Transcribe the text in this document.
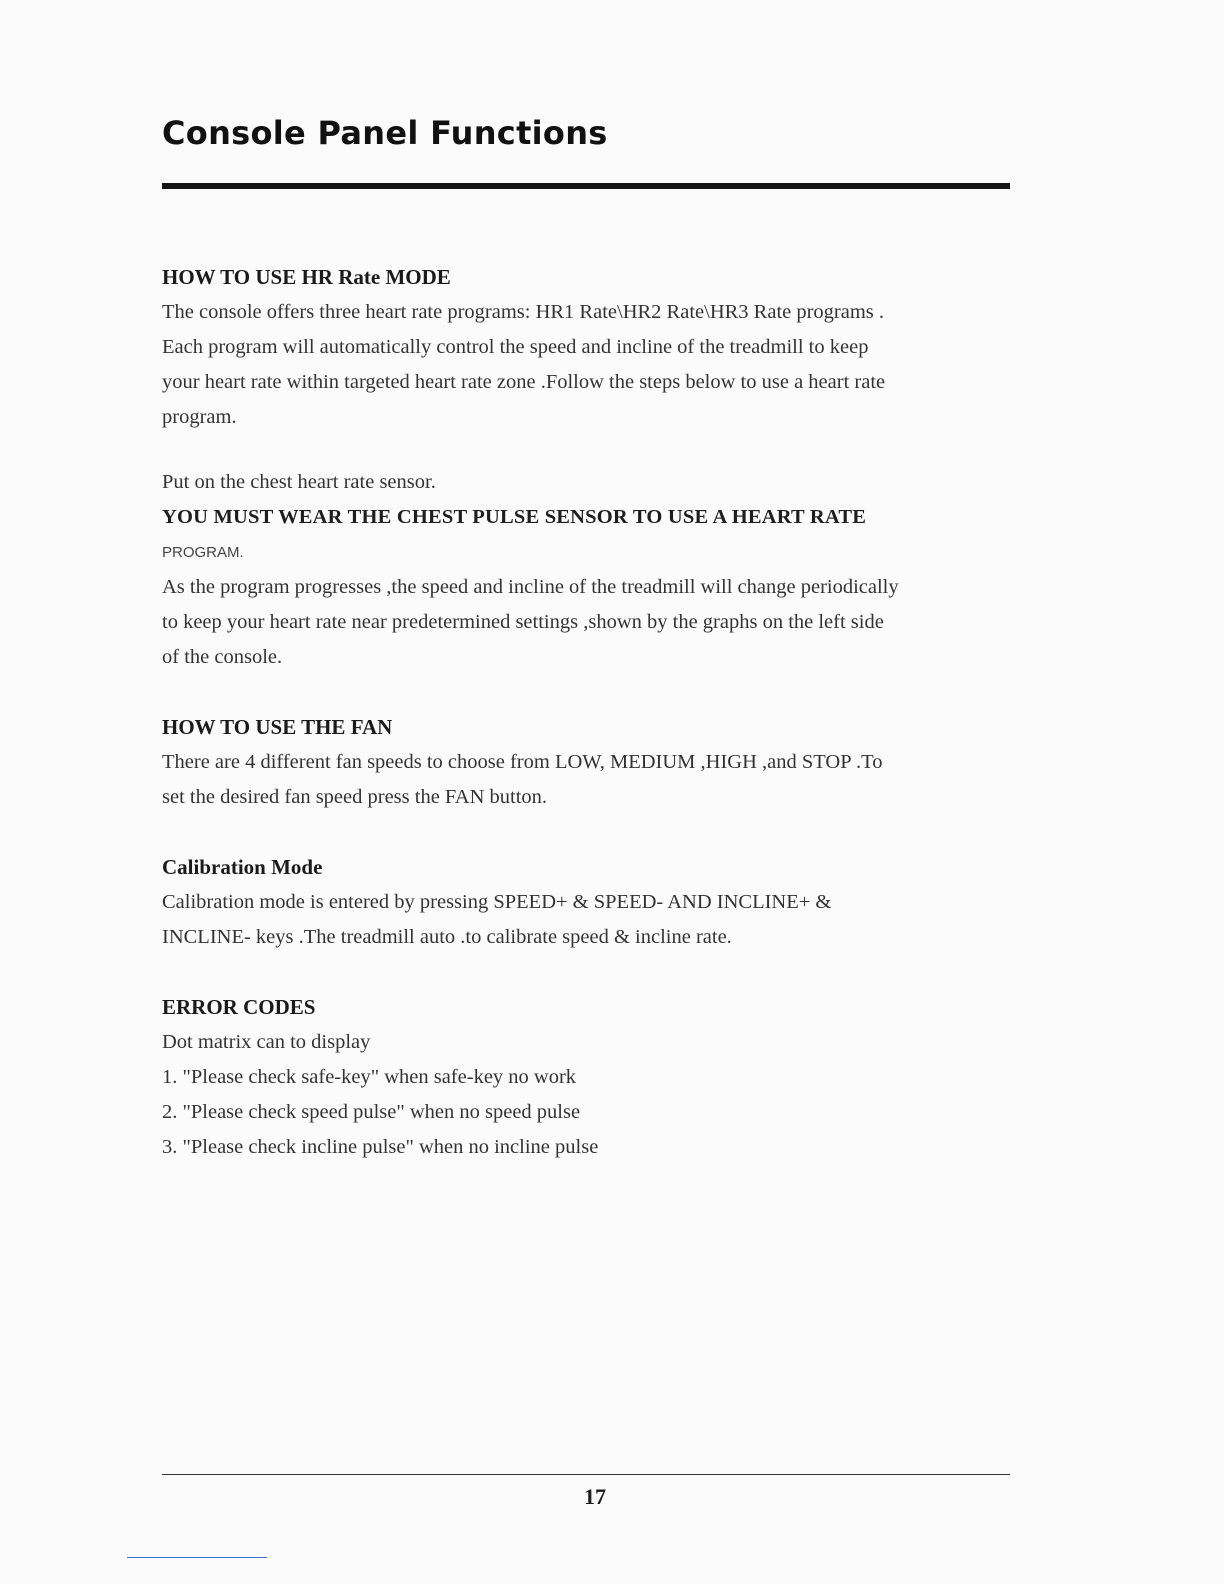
Console Panel Functions
HOW TO USE HR Rate MODE

The console offers three heart rate programs: HR1 Rate\HR2 Rate\HR3 Rate programs .

Each program will automatically control the speed and incline of the treadmill to keep

your heart rate within targeted heart rate zone .Follow the steps below to use a heart rate

program.

Put on the chest heart rate sensor.

YOU MUST WEAR THE CHEST PULSE SENSOR TO USE A HEART RATE

PROGRAM.

As the program progresses ,the speed and incline of the treadmill will change periodically

to keep your heart rate near predetermined settings ,shown by the graphs on the left side

of the console.

HOW TO USE THE FAN

There are 4 different fan speeds to choose from LOW, MEDIUM ,HIGH ,and STOP .To

set the desired fan speed press the FAN button.

Calibration Mode

Calibration mode is entered by pressing SPEED+ & SPEED- AND INCLINE+ &

INCLINE- keys .The treadmill auto .to calibrate speed & incline rate.

ERROR CODES

Dot matrix can to display

1. "Please check safe-key" when safe-key no work

2. "Please check speed pulse" when no speed pulse

3. "Please check incline pulse" when no incline pulse

17
